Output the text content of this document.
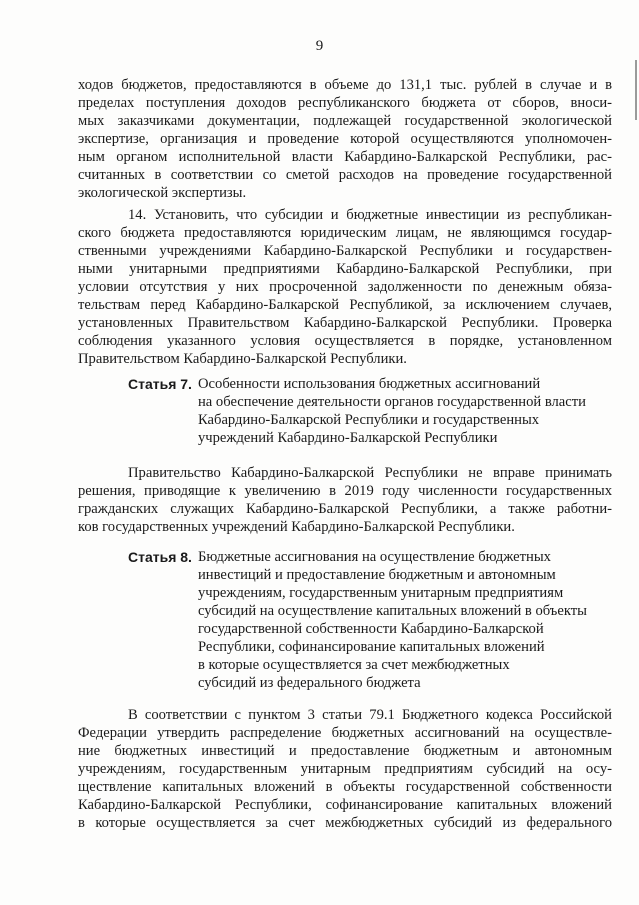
9
ходов бюджетов, предоставляются в объеме до 131,1 тыс. рублей в случае и в
пределах поступления доходов республиканского бюджета от сборов, вноси-
мых заказчиками документации, подлежащей государственной экологической
экспертизе, организация и проведение которой осуществляются уполномочен-
ным органом исполнительной власти Кабардино-Балкарской Республики, рас-
считанных в соответствии со сметой расходов на проведение государственной
экологической экспертизы.
14. Установить, что субсидии и бюджетные инвестиции из республикан-
ского бюджета предоставляются юридическим лицам, не являющимся государ-
ственными учреждениями Кабардино-Балкарской Республики и государствен-
ными унитарными предприятиями Кабардино-Балкарской Республики, при
условии отсутствия у них просроченной задолженности по денежным обяза-
тельствам перед Кабардино-Балкарской Республикой, за исключением случаев,
установленных Правительством Кабардино-Балкарской Республики. Проверка
соблюдения указанного условия осуществляется в порядке, установленном
Правительством Кабардино-Балкарской Республики.
Статья 7. Особенности использования бюджетных ассигнований
на обеспечение деятельности органов государственной власти
Кабардино-Балкарской Республики и государственных
учреждений Кабардино-Балкарской Республики
Правительство Кабардино-Балкарской Республики не вправе принимать
решения, приводящие к увеличению в 2019 году численности государственных
гражданских служащих Кабардино-Балкарской Республики, а также работни-
ков государственных учреждений Кабардино-Балкарской Республики.
Статья 8. Бюджетные ассигнования на осуществление бюджетных
инвестиций и предоставление бюджетным и автономным
учреждениям, государственным унитарным предприятиям
субсидий на осуществление капитальных вложений в объекты
государственной собственности Кабардино-Балкарской
Республики, софинансирование капитальных вложений
в которые осуществляется за счет межбюджетных
субсидий из федерального бюджета
В соответствии с пунктом 3 статьи 79.1 Бюджетного кодекса Российской
Федерации утвердить распределение бюджетных ассигнований на осуществле-
ние бюджетных инвестиций и предоставление бюджетным и автономным
учреждениям, государственным унитарным предприятиям субсидий на осу-
ществление капитальных вложений в объекты государственной собственности
Кабардино-Балкарской Республики, софинансирование капитальных вложений
в которые осуществляется за счет межбюджетных субсидий из федерального
